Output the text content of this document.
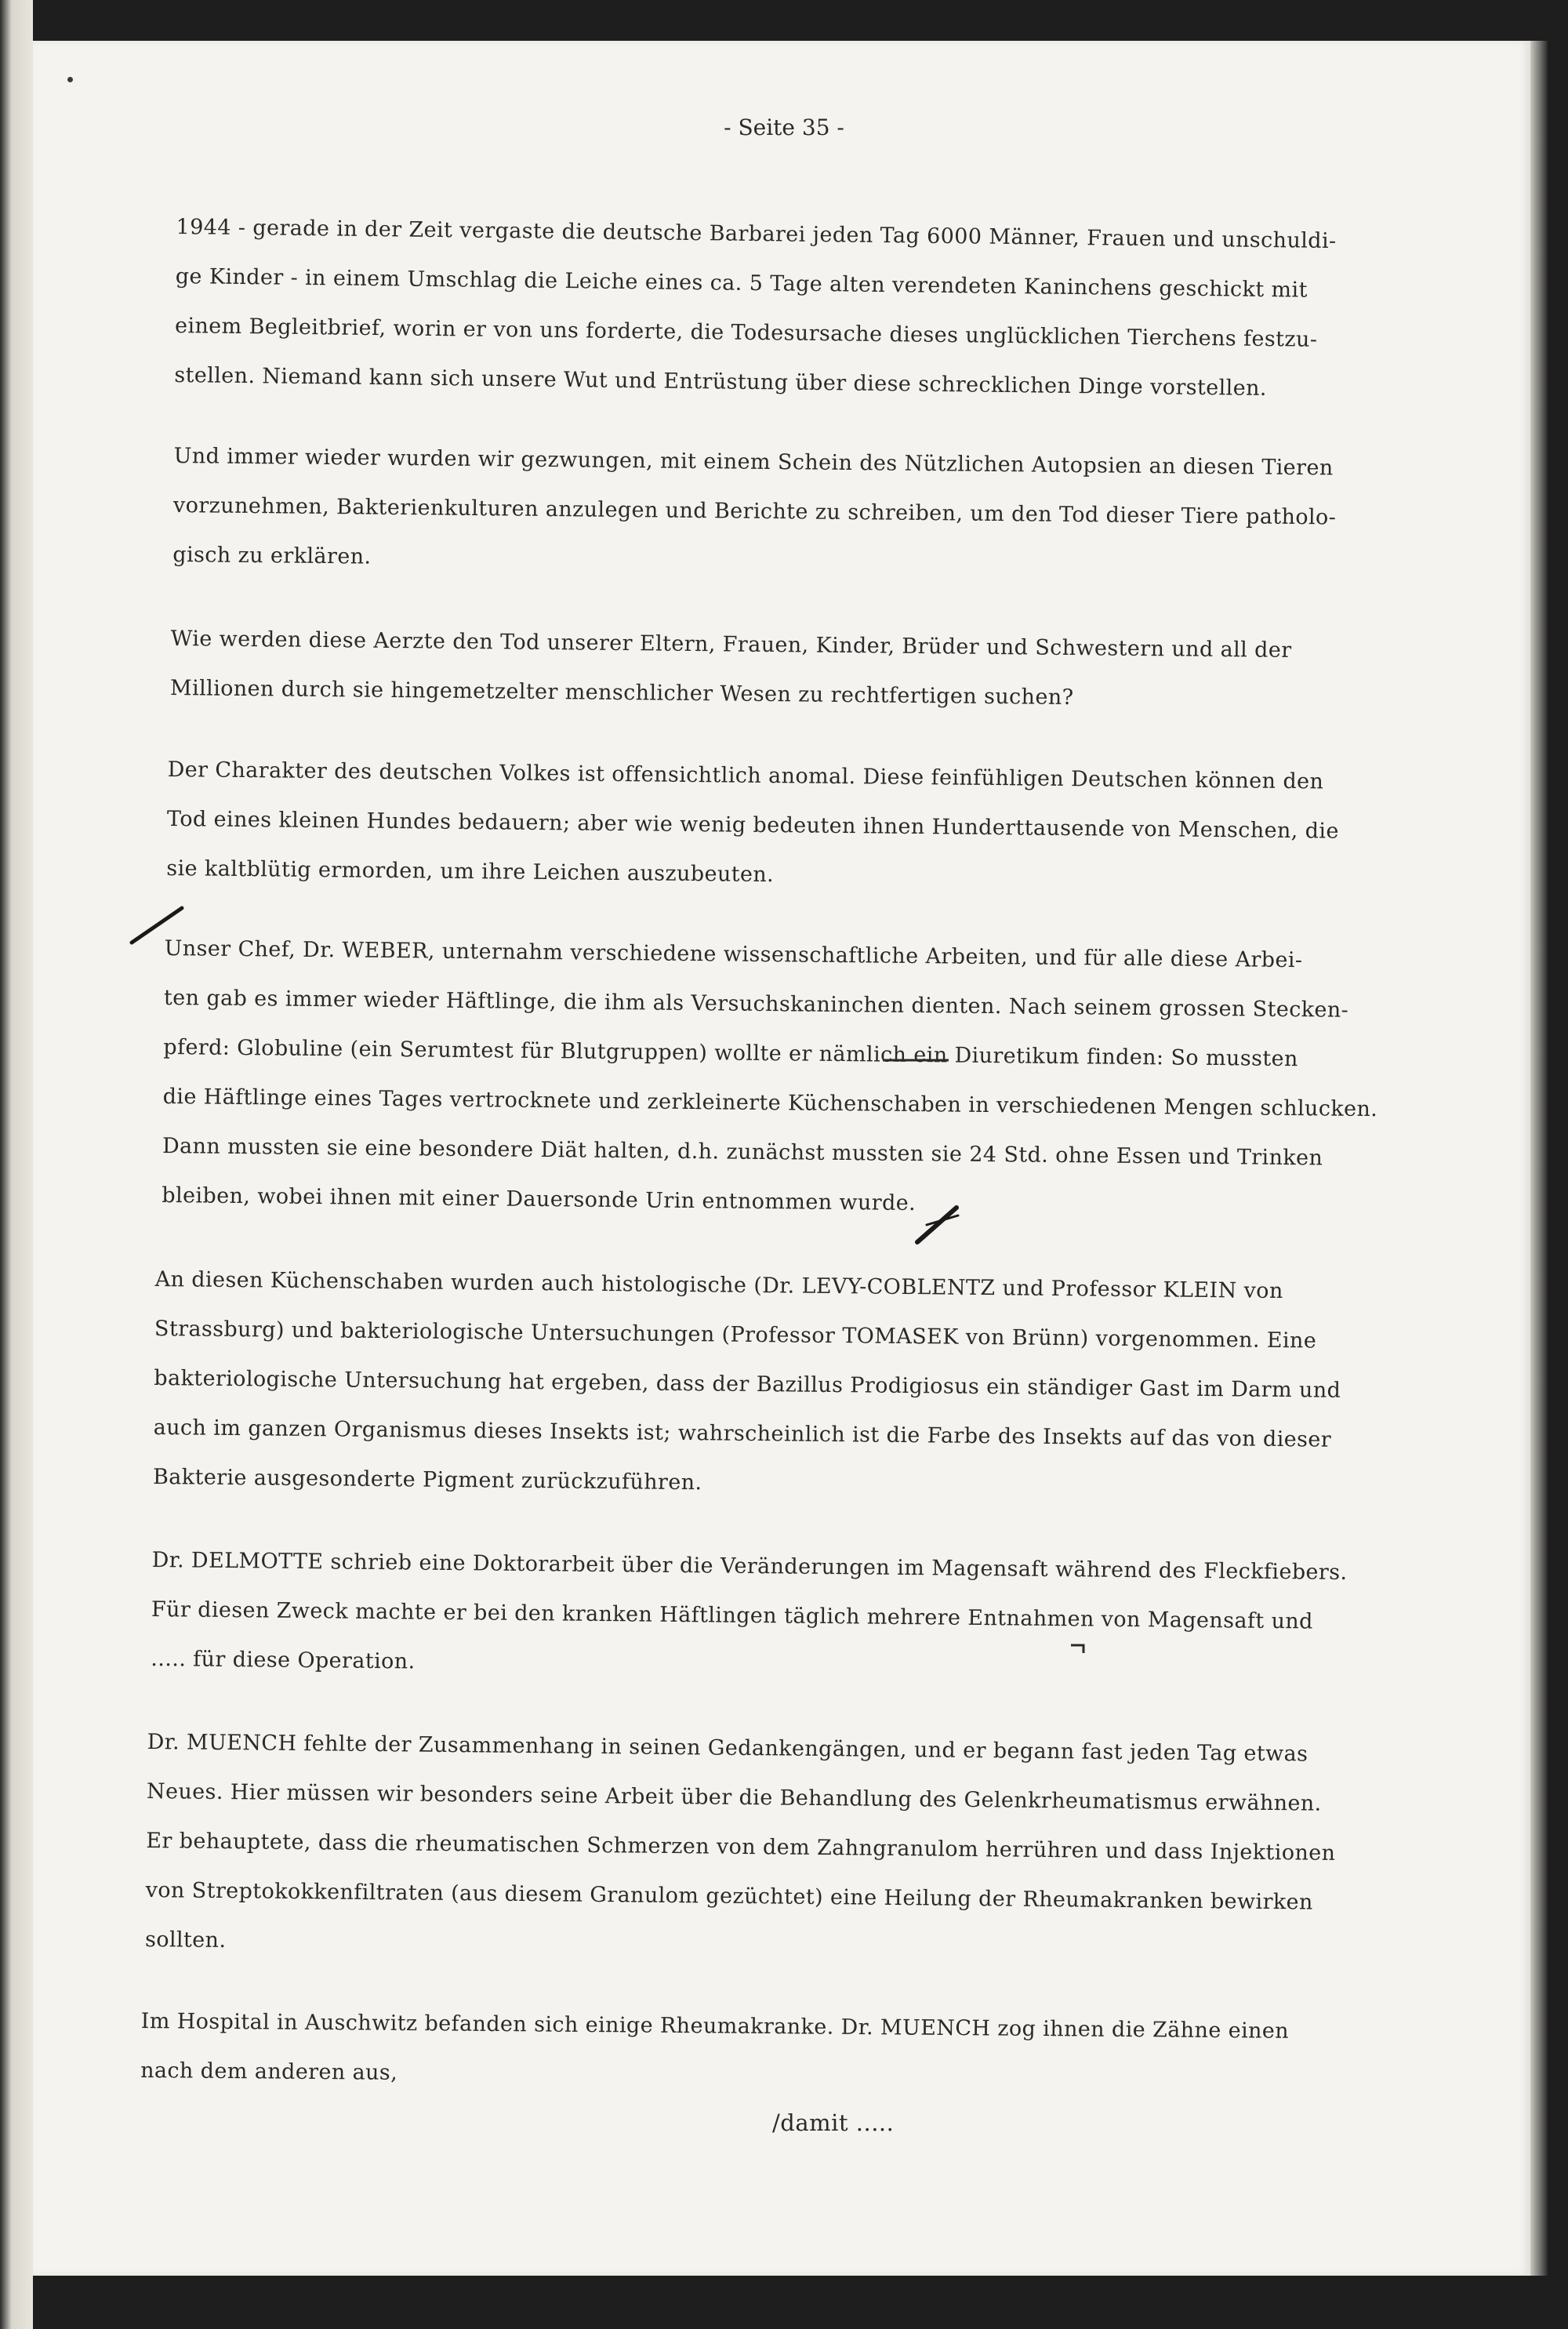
- Seite 35 -

1944 - gerade in der Zeit vergaste die deutsche Barbarei jeden Tag 6000 Männer, Frauen und unschuldi-
ge Kinder - in einem Umschlag die Leiche eines ca. 5 Tage alten verendeten Kaninchens geschickt mit
einem Begleitbrief, worin er von uns forderte, die Todesursache dieses unglücklichen Tierchens festzu-
stellen. Niemand kann sich unsere Wut und Entrüstung über diese schrecklichen Dinge vorstellen.

Und immer wieder wurden wir gezwungen, mit einem Schein des Nützlichen Autopsien an diesen Tieren
vorzunehmen, Bakterienkulturen anzulegen und Berichte zu schreiben, um den Tod dieser Tiere patholo-
gisch zu erklären.

Wie werden diese Aerzte den Tod unserer Eltern, Frauen, Kinder, Brüder und Schwestern und all der
Millionen durch sie hingemetzelter menschlicher Wesen zu rechtfertigen suchen?

Der Charakter des deutschen Volkes ist offensichtlich anomal. Diese feinfühligen Deutschen können den
Tod eines kleinen Hundes bedauern; aber wie wenig bedeuten ihnen Hunderttausende von Menschen, die
sie kaltblütig ermorden, um ihre Leichen auszubeuten.

Unser Chef, Dr. WEBER, unternahm verschiedene wissenschaftliche Arbeiten, und für alle diese Arbei-
ten gab es immer wieder Häftlinge, die ihm als Versuchskaninchen dienten. Nach seinem grossen Stecken-
pferd: Globuline (ein Serumtest für Blutgruppen) wollte er nämlich ein Diuretikum finden: So mussten
die Häftlinge eines Tages vertrocknete und zerkleinerte Küchenschaben in verschiedenen Mengen schlucken.
Dann mussten sie eine besondere Diät halten, d.h. zunächst mussten sie 24 Std. ohne Essen und Trinken
bleiben, wobei ihnen mit einer Dauersonde Urin entnommen wurde.

An diesen Küchenschaben wurden auch histologische (Dr. LEVY-COBLENTZ und Professor KLEIN von
Strassburg) und bakteriologische Untersuchungen (Professor TOMASEK von Brünn) vorgenommen. Eine
bakteriologische Untersuchung hat ergeben, dass der Bazillus Prodigiosus ein ständiger Gast im Darm und
auch im ganzen Organismus dieses Insekts ist; wahrscheinlich ist die Farbe des Insekts auf das von dieser
Bakterie ausgesonderte Pigment zurückzuführen.

Dr. DELMOTTE schrieb eine Doktorarbeit über die Veränderungen im Magensaft während des Fleckfiebers.
Für diesen Zweck machte er bei den kranken Häftlingen täglich mehrere Entnahmen von Magensaft und
..... für diese Operation.

Dr. MUENCH fehlte der Zusammenhang in seinen Gedankengängen, und er begann fast jeden Tag etwas
Neues. Hier müssen wir besonders seine Arbeit über die Behandlung des Gelenkrheumatismus erwähnen.
Er behauptete, dass die rheumatischen Schmerzen von dem Zahngranulom herrühren und dass Injektionen
von Streptokokkenfiltraten (aus diesem Granulom gezüchtet) eine Heilung der Rheumakranken bewirken
sollten.

Im Hospital in Auschwitz befanden sich einige Rheumakranke. Dr. MUENCH zog ihnen die Zähne einen
nach dem anderen aus,

/damit .....
